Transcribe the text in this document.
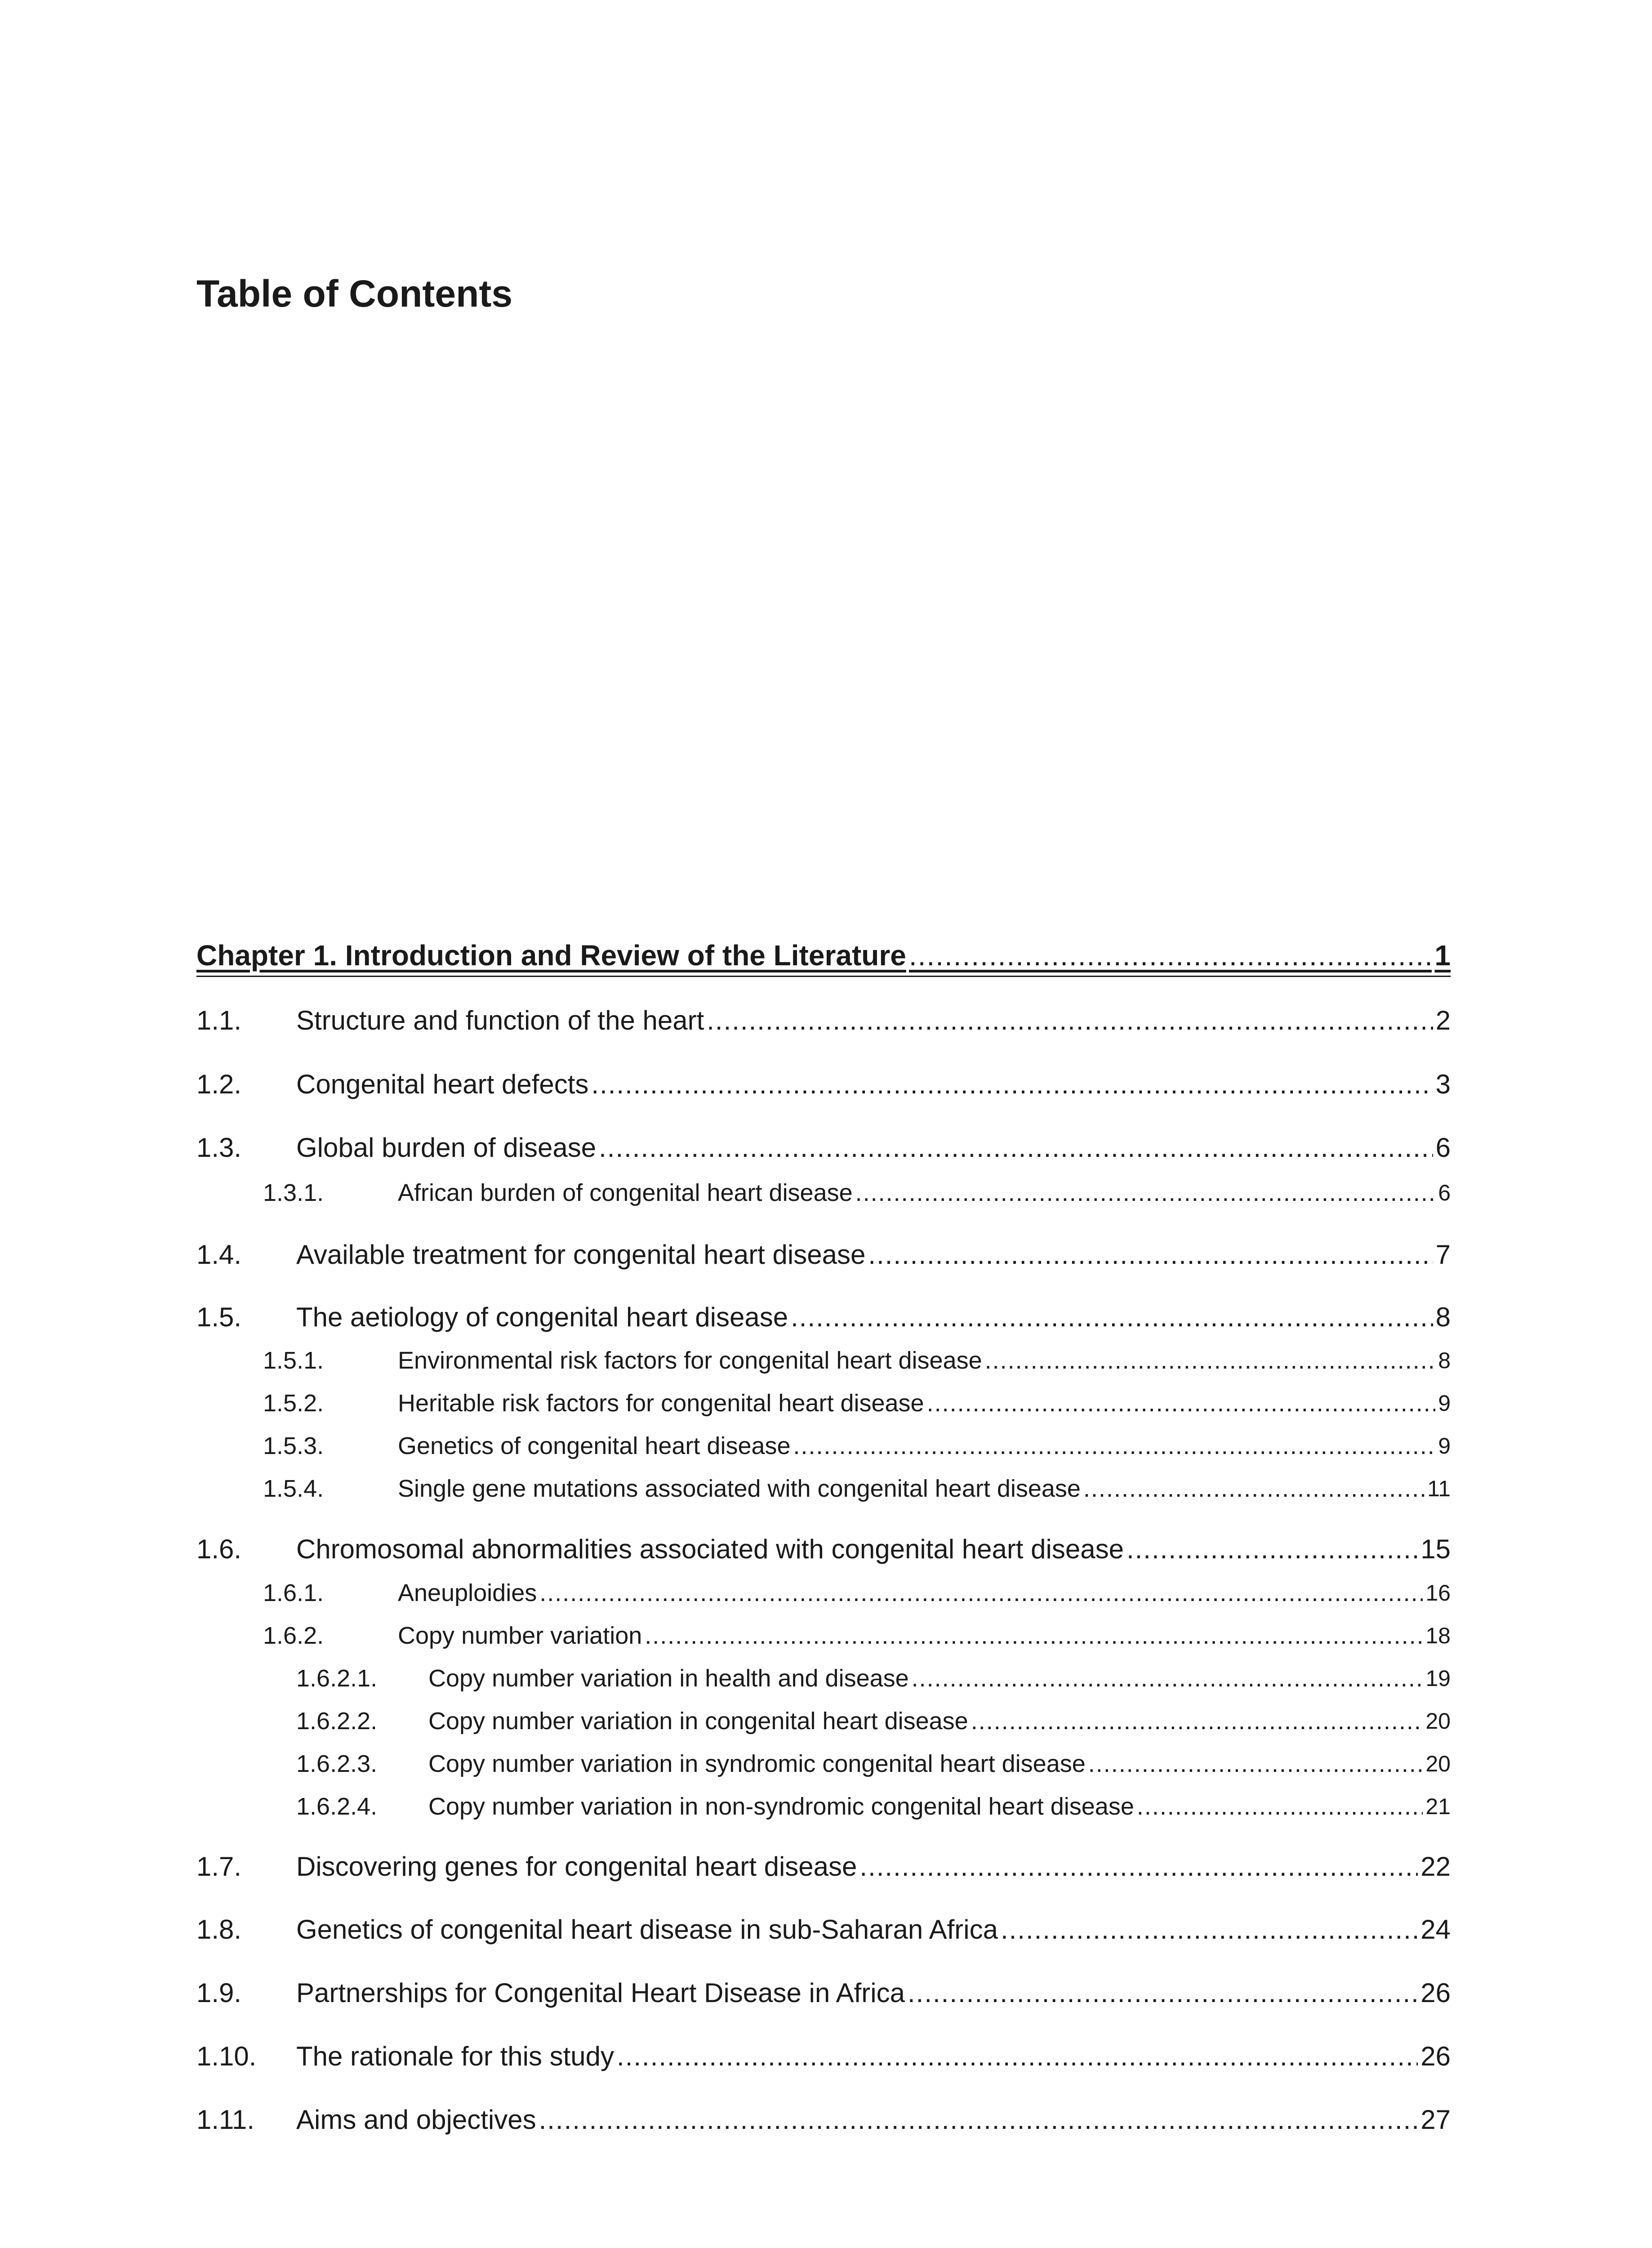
Table of Contents
Chapter 1. Introduction and Review of the Literature .....	1
1.1.	Structure and function of the heart .....	2
1.2.	Congenital heart defects .....	3
1.3.	Global burden of disease .....	6
1.3.1.	African burden of congenital heart disease .....	6
1.4.	Available treatment for congenital heart disease .....	7
1.5.	The aetiology of congenital heart disease .....	8
1.5.1.	Environmental risk factors for congenital heart disease .....	8
1.5.2.	Heritable risk factors for congenital heart disease .....	9
1.5.3.	Genetics of congenital heart disease .....	9
1.5.4.	Single gene mutations associated with congenital heart disease .....	11
1.6.	Chromosomal abnormalities associated with congenital heart disease .....	15
1.6.1.	Aneuploidies .....	16
1.6.2.	Copy number variation .....	18
1.6.2.1.	Copy number variation in health and disease .....	19
1.6.2.2.	Copy number variation in congenital heart disease .....	20
1.6.2.3.	Copy number variation in syndromic congenital heart disease .....	20
1.6.2.4.	Copy number variation in non-syndromic congenital heart disease .....	21
1.7.	Discovering genes for congenital heart disease .....	22
1.8.	Genetics of congenital heart disease in sub-Saharan Africa .....	24
1.9.	Partnerships for Congenital Heart Disease in Africa .....	26
1.10.	The rationale for this study .....	26
1.11.	Aims and objectives .....	27
